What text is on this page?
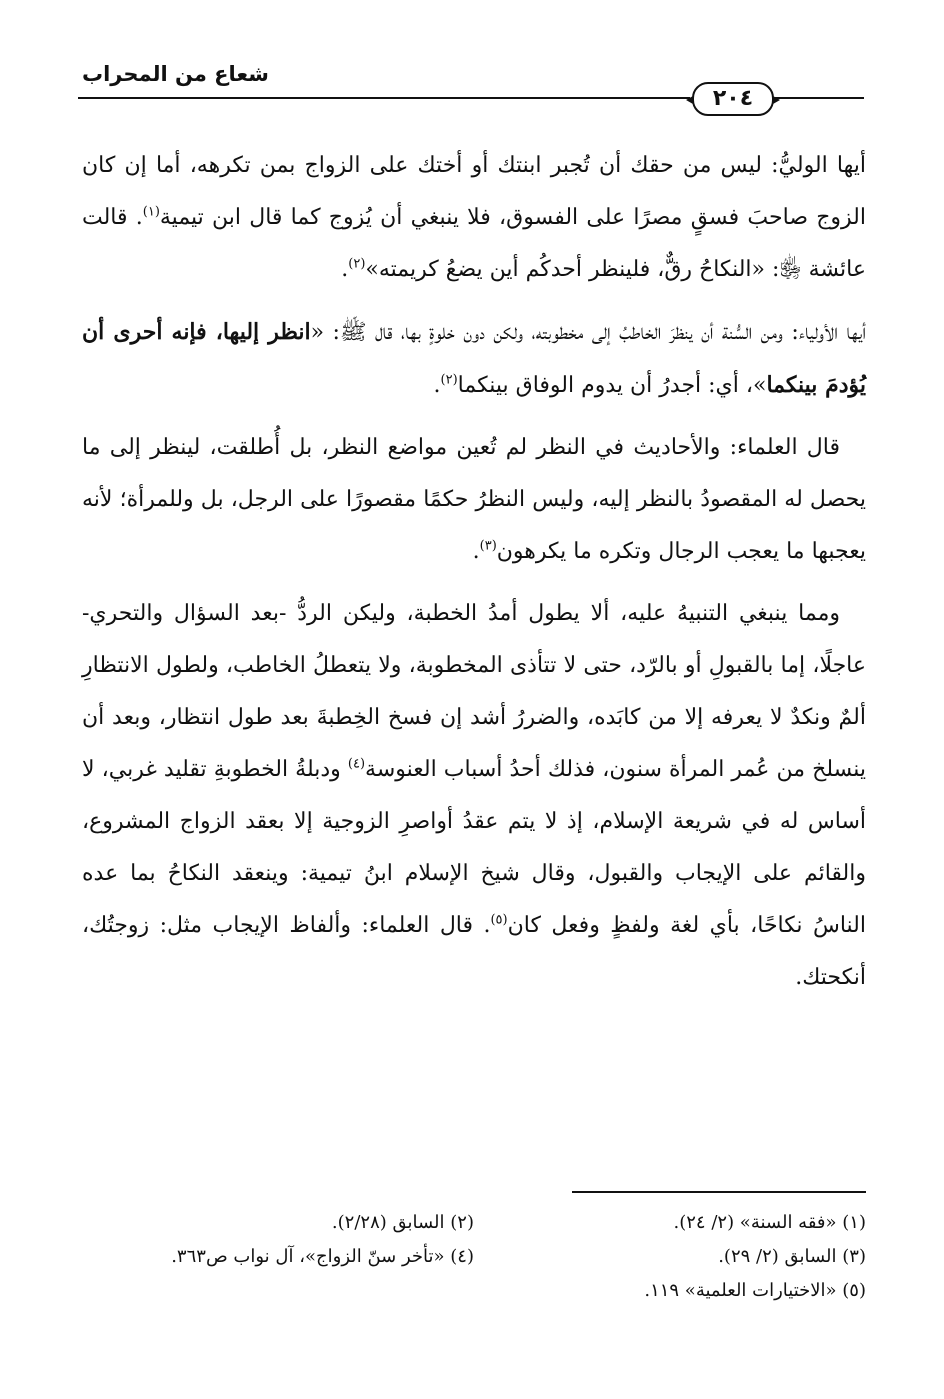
شعاع من المحراب
٢٠٤

أيها الوليُّ: ليس من حقك أن تُجبر ابنتك أو أختك على الزواج بمن تكرهه، أما إن كان الزوج صاحبَ فسقٍ مصرًا على الفسوق، فلا ينبغي أن يُزوج كما قال ابن تيمية$^{(١)}$. قالت عائشة ﵂: «النكاحُ رقٌّ، فلينظر أحدكُم أين يضعُ كريمته»$^{(٢)}$.

أيها الأولياء: ومن السُّنة أن ينظرَ الخاطبُ إلى مخطوبته، ولكن دون خلوةٍ بها، قال ﷺ: «انظر إليها، فإنه أحرى أن يُؤدمَ بينكما»، أي: أجدرُ أن يدوم الوفاق بينكما$^{(٢)}$.

قال العلماء: والأحاديث في النظر لم تُعين مواضع النظر، بل أُطلقت، لينظر إلى ما يحصل له المقصودُ بالنظر إليه، وليس النظرُ حكمًا مقصورًا على الرجل، بل وللمرأة؛ لأنه يعجبها ما يعجب الرجال وتكره ما يكرهون$^{(٣)}$.

ومما ينبغي التنبيهُ عليه، ألا يطول أمدُ الخطبة، وليكن الردُّ -بعد السؤال والتحري- عاجلًا، إما بالقبولِ أو بالرّد، حتى لا تتأذى المخطوبة، ولا يتعطلُ الخاطب، ولطول الانتظارِ ألمٌ ونكدٌ لا يعرفه إلا من كابَده، والضررُ أشد إن فسخ الخِطبةَ بعد طول انتظار، وبعد أن ينسلخ من عُمر المرأة سنون، فذلك أحدُ أسباب العنوسة$^{(٤)}$ ودبلةُ الخطوبةِ تقليد غربي، لا أساس له في شريعة الإسلام، إذ لا يتم عقدُ أواصرِ الزوجية إلا بعقد الزواج المشروع، والقائم على الإيجاب والقبول، وقال شيخ الإسلام ابنُ تيمية: وينعقد النكاحُ بما عده الناسُ نكاحًا، بأي لغة ولفظٍ وفعل كان$^{(٥)}$. قال العلماء: وألفاظ الإيجاب مثل: زوجتُك، أنكحتك.

(١) «فقه السنة» (٢/ ٢٤).
(٢) السابق (٢/٢٨).
(٣) السابق (٢/ ٢٩).
(٤) «تأخر سنّ الزواج»، آل نواب ص٣٦٣.
(٥) «الاختيارات العلمية» ١١٩.
